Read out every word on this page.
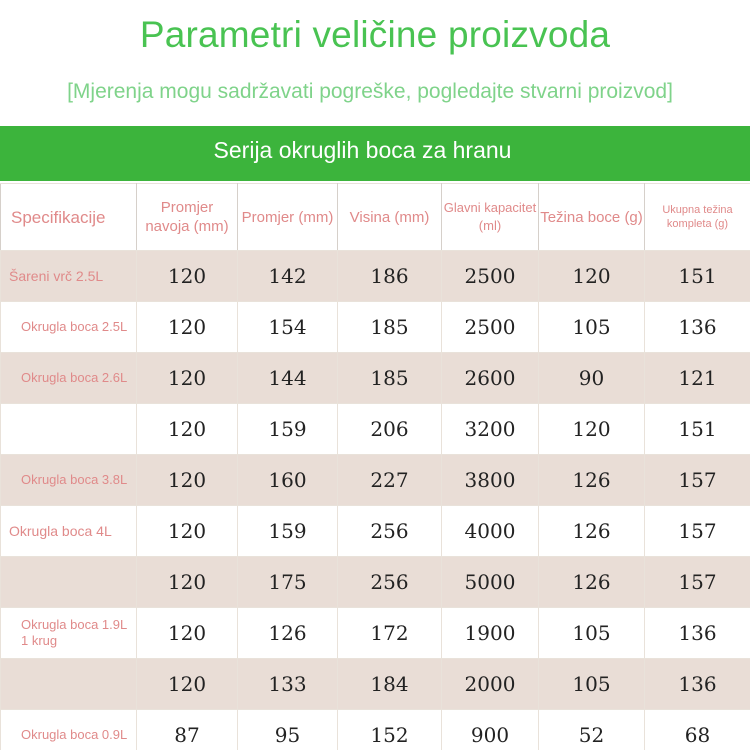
Parametri veličine proizvoda
[Mjerenja mogu sadržavati pogreške, pogledajte stvarni proizvod]
Serija okruglih boca za hranu
Specifikacije	Promjer navoja (mm)	Promjer (mm)	Visina (mm)	Glavni kapacitet (ml)	Težina boce (g)	Ukupna težina kompleta (g)
Šareni vrč 2.5L	120	142	186	2500	120	151
Okrugla boca 2.5L	120	154	185	2500	105	136
Okrugla boca 2.6L	120	144	185	2600	90	121
	120	159	206	3200	120	151
Okrugla boca 3.8L	120	160	227	3800	126	157
Okrugla boca 4L	120	159	256	4000	126	157
	120	175	256	5000	126	157
Okrugla boca 1.9L 1 krug	120	126	172	1900	105	136
	120	133	184	2000	105	136
Okrugla boca 0.9L	87	95	152	900	52	68
